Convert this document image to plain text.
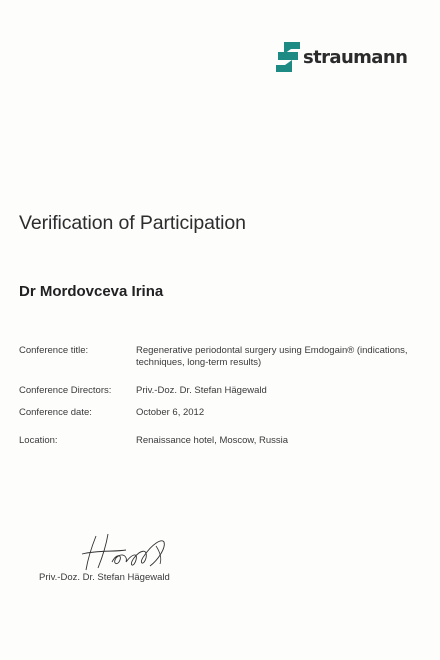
straumann
Verification of Participation
Dr Mordovceva Irina
Conference title:	Regenerative periodontal surgery using Emdogain® (indications, techniques, long-term results)
Conference Directors:	Priv.-Doz. Dr. Stefan Hägewald
Conference date:	October 6, 2012
Location:	Renaissance hotel, Moscow, Russia
Priv.-Doz. Dr. Stefan Hägewald
